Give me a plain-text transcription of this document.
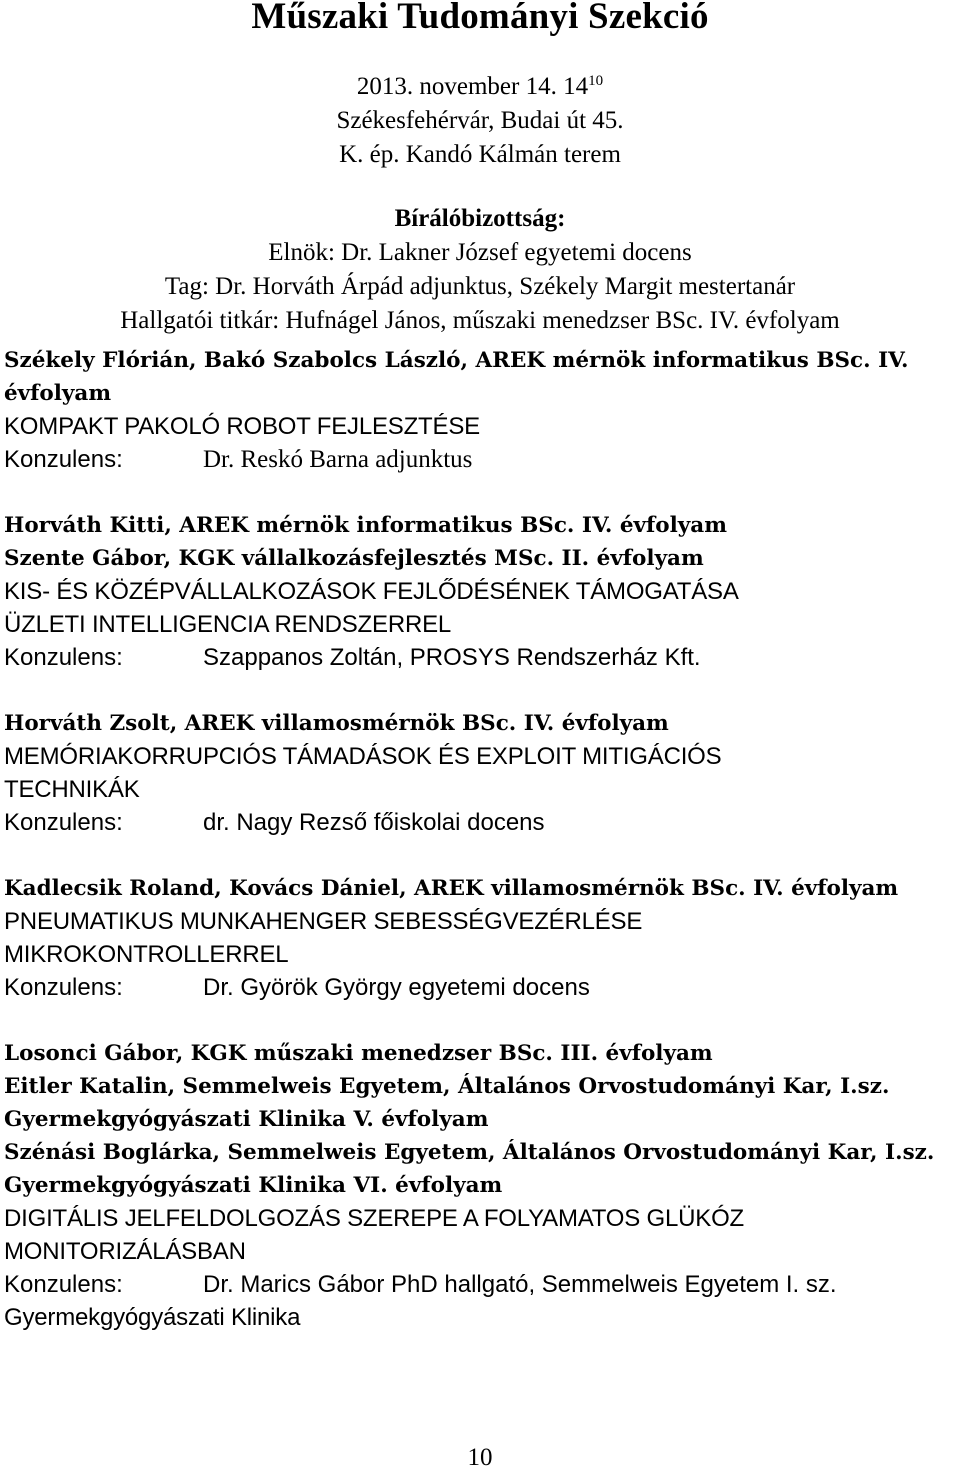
Műszaki Tudományi Szekció
2013. november 14. $14^{10}$
Székesfehérvár, Budai út 45.
K. ép. Kandó Kálmán terem
Bírálóbizottság:
Elnök: Dr. Lakner József egyetemi docens
Tag: Dr. Horváth Árpád adjunktus, Székely Margit mestertanár
Hallgatói titkár: Hufnágel János, műszaki menedzser BSc. IV. évfolyam
Székely Flórián, Bakó Szabolcs László, AREK mérnök informatikus BSc. IV.
évfolyam
KOMPAKT PAKOLÓ ROBOT FEJLESZTÉSE
Konzulens:	Dr. Reskó Barna adjunktus
Horváth Kitti, AREK mérnök informatikus BSc. IV. évfolyam
Szente Gábor, KGK vállalkozásfejlesztés MSc. II. évfolyam
KIS- ÉS KÖZÉPVÁLLALKOZÁSOK FEJLŐDÉSÉNEK TÁMOGATÁSA
ÜZLETI INTELLIGENCIA RENDSZERREL
Konzulens:	Szappanos Zoltán, PROSYS Rendszerház Kft.
Horváth Zsolt, AREK villamosmérnök BSc. IV. évfolyam
MEMÓRIAKORRUPCIÓS TÁMADÁSOK ÉS EXPLOIT MITIGÁCIÓS
TECHNIKÁK
Konzulens:	dr. Nagy Rezső főiskolai docens
Kadlecsik Roland, Kovács Dániel, AREK villamosmérnök BSc. IV. évfolyam
PNEUMATIKUS MUNKAHENGER SEBESSÉGVEZÉRLÉSE
MIKROKONTROLLERREL
Konzulens:	Dr. Györök György egyetemi docens
Losonci Gábor, KGK műszaki menedzser BSc. III. évfolyam
Eitler Katalin, Semmelweis Egyetem, Általános Orvostudományi Kar, I.sz.
Gyermekgyógyászati Klinika V. évfolyam
Szénási Boglárka, Semmelweis Egyetem, Általános Orvostudományi Kar, I.sz.
Gyermekgyógyászati Klinika VI. évfolyam
DIGITÁLIS JELFELDOLGOZÁS SZEREPE A FOLYAMATOS GLÜKÓZ
MONITORIZÁLÁSBAN
Konzulens:	Dr. Marics Gábor PhD hallgató, Semmelweis Egyetem I. sz.
Gyermekgyógyászati Klinika
10
